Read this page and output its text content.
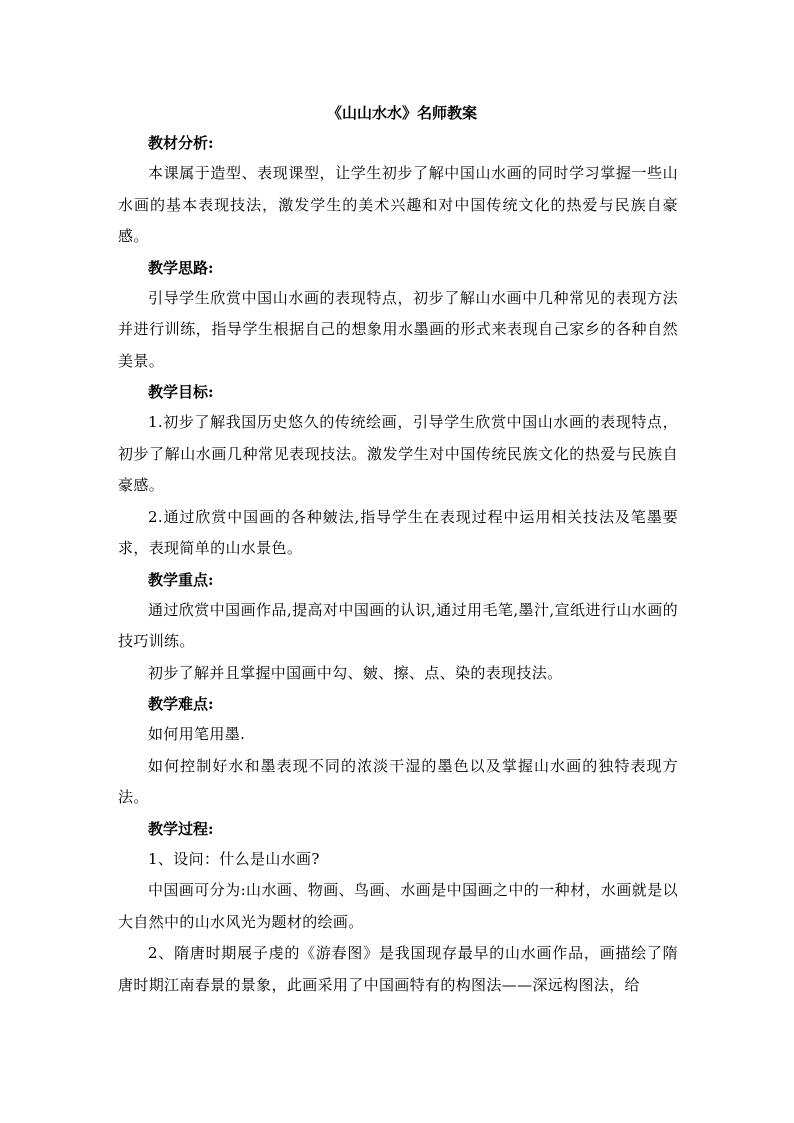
《山山水水》名师教案
教材分析:

本课属于造型、表现课型，让学生初步了解中国山水画的同时学习掌握一些山水画的基本表现技法，激发学生的美术兴趣和对中国传统文化的热爱与民族自豪感。

教学思路:

引导学生欣赏中国山水画的表现特点，初步了解山水画中几种常见的表现方法并进行训练，指导学生根据自己的想象用水墨画的形式来表现自己家乡的各种自然美景。

教学目标:

1.初步了解我国历史悠久的传统绘画，引导学生欣赏中国山水画的表现特点，初步了解山水画几种常见表现技法。激发学生对中国传统民族文化的热爱与民族自豪感。

2.通过欣赏中国画的各种皴法,指导学生在表现过程中运用相关技法及笔墨要求，表现简单的山水景色。

教学重点:

通过欣赏中国画作品,提高对中国画的认识,通过用毛笔,墨汁,宣纸进行山水画的技巧训练。

初步了解并且掌握中国画中勾、皴、擦、点、染的表现技法。

教学难点:

如何用笔用墨.

如何控制好水和墨表现不同的浓淡干湿的墨色以及掌握山水画的独特表现方法。

教学过程:

1、设问：什么是山水画?

中国画可分为:山水画、物画、鸟画、水画是中国画之中的一种材，水画就是以大自然中的山水风光为题材的绘画。

2、隋唐时期展子虔的《游春图》是我国现存最早的山水画作品，画描绘了隋唐时期江南春景的景象，此画采用了中国画特有的构图法——深远构图法，给
